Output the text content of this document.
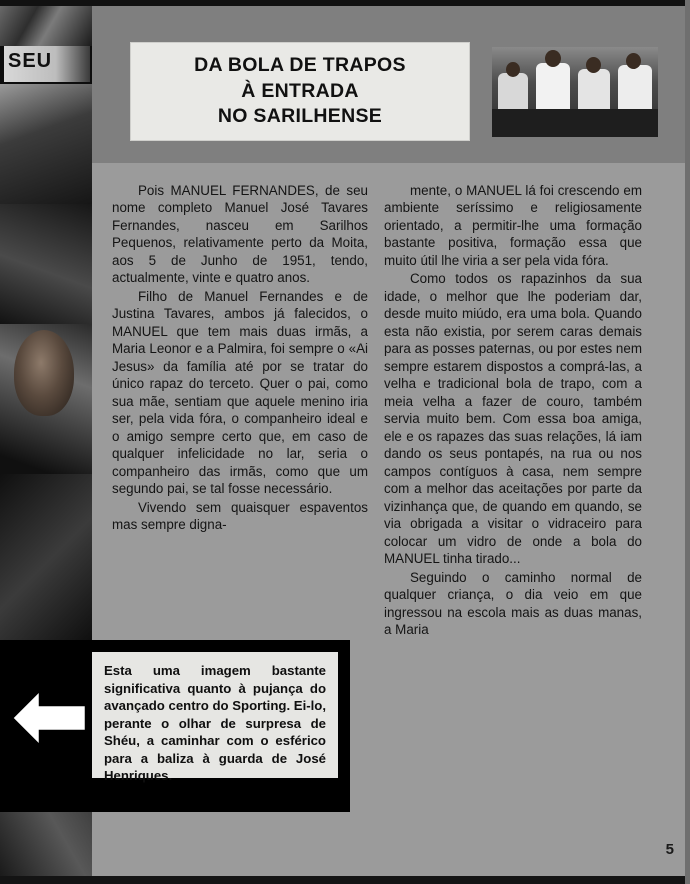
SEU	DA BOLA DE TRAPOS
À ENTRADA
NO SARILHENSE

Pois MANUEL FERNANDES, de seu nome completo Manuel José Tavares Fernandes, nasceu em Sarilhos Pequenos, relativamente perto da Moita, aos 5 de Junho de 1951, tendo, actualmente, vinte e quatro anos.

Filho de Manuel Fernandes e de Justina Tavares, ambos já falecidos, o MANUEL que tem mais duas irmãs, a Maria Leonor e a Palmira, foi sempre o «Ai Jesus» da família até por se tratar do único rapaz do terceto. Quer o pai, como sua mãe, sentiam que aquele menino iria ser, pela vida fóra, o companheiro ideal e o amigo sempre certo que, em caso de qualquer infelicidade no lar, seria o companheiro das irmãs, como que um segundo pai, se tal fosse necessário.

Vivendo sem quaisquer espaventos mas sempre digna-

mente, o MANUEL lá foi crescendo em ambiente seríssimo e religiosamente orientado, a permitir-lhe uma formação bastante positiva, formação essa que muito útil lhe viria a ser pela vida fóra.

Como todos os rapazinhos da sua idade, o melhor que lhe poderiam dar, desde muito miúdo, era uma bola. Quando esta não existia, por serem caras demais para as posses paternas, ou por estes nem sempre estarem dispostos a comprá-las, a velha e tradicional bola de trapo, com a meia velha a fazer de couro, também servia muito bem. Com essa boa amiga, ele e os rapazes das suas relações, lá iam dando os seus pontapés, na rua ou nos campos contíguos à casa, nem sempre com a melhor das aceitações por parte da vizinhança que, de quando em quando, se via obrigada a visitar o vidraceiro para colocar um vidro de onde a bola do MANUEL tinha tirado...

Seguindo o caminho normal de qualquer criança, o dia veio em que ingressou na escola mais as duas manas, a Maria

5
Esta uma imagem bastante significativa quanto à pujança do avançado centro do Sporting. Ei-lo, perante o olhar de surpresa de Shéu, a caminhar com o esférico para a baliza à guarda de José Henriques.
